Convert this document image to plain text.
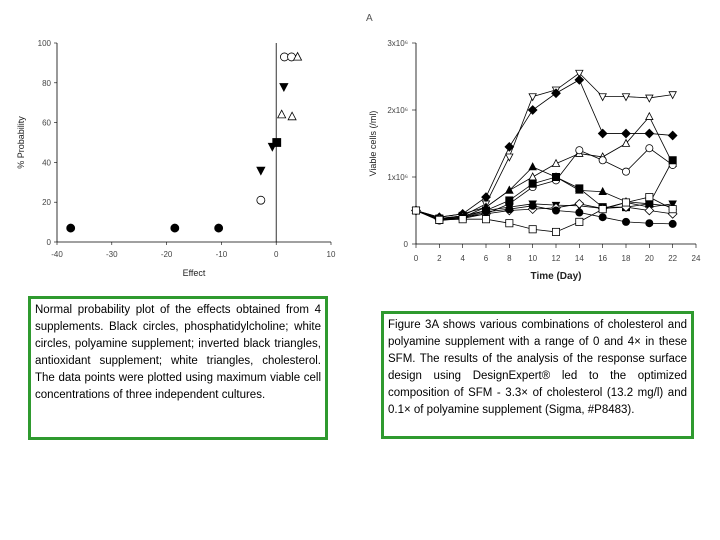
A
-40	-30	-20	-10	0	10
0
20
40
60
80
100
Effect
% Probability
0 2 4 6 8 10 12 14 16 18 20 22 24
0
1x10⁶
2x10⁶
3x10⁶
Time (Day)
Viable cells (/ml)
Normal probability plot of the effects obtained from 4 supplements. Black circles, phosphatidylcholine; white circles, polyamine supplement; inverted black triangles, antioxidant supplement; white triangles, cholesterol. The data points were plotted using maximum viable cell concentrations of three independent cultures.
Figure 3A shows various combinations of cholesterol and polyamine supplement with a range of 0 and 4× in these SFM. The results of the analysis of the response surface design using DesignExpert® led to the optimized composition of SFM - 3.3× of cholesterol (13.2 mg/l) and 0.1× of polyamine supplement (Sigma, #P8483).
